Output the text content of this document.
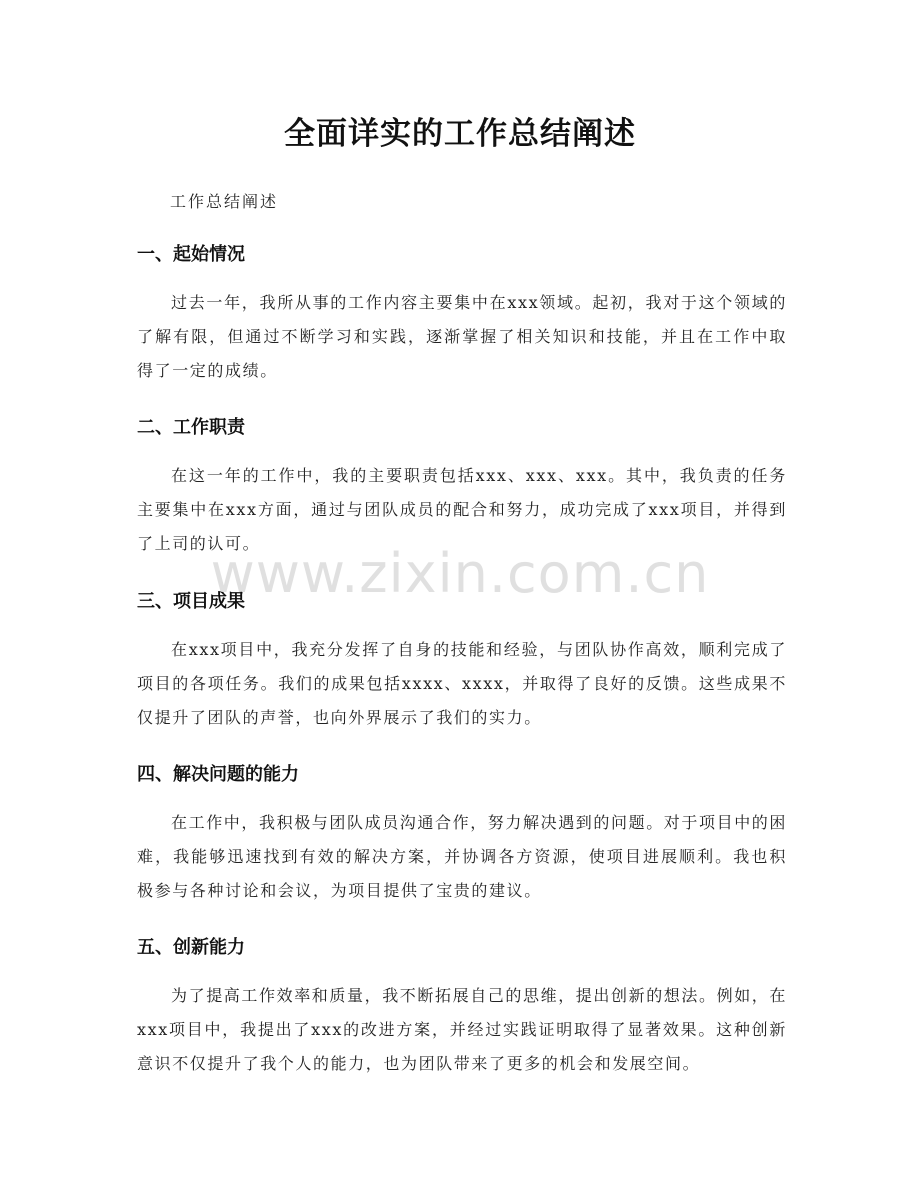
全面详实的工作总结阐述
工作总结阐述
一、起始情况
过去一年，我所从事的工作内容主要集中在xxx领域。起初，我对于这个领域的了解有限，但通过不断学习和实践，逐渐掌握了相关知识和技能，并且在工作中取得了一定的成绩。
二、工作职责
在这一年的工作中，我的主要职责包括xxx、xxx、xxx。其中，我负责的任务主要集中在xxx方面，通过与团队成员的配合和努力，成功完成了xxx项目，并得到了上司的认可。
三、项目成果
在xxx项目中，我充分发挥了自身的技能和经验，与团队协作高效，顺利完成了项目的各项任务。我们的成果包括xxxx、xxxx，并取得了良好的反馈。这些成果不仅提升了团队的声誉，也向外界展示了我们的实力。
四、解决问题的能力
在工作中，我积极与团队成员沟通合作，努力解决遇到的问题。对于项目中的困难，我能够迅速找到有效的解决方案，并协调各方资源，使项目进展顺利。我也积极参与各种讨论和会议，为项目提供了宝贵的建议。
五、创新能力
为了提高工作效率和质量，我不断拓展自己的思维，提出创新的想法。例如，在xxx项目中，我提出了xxx的改进方案，并经过实践证明取得了显著效果。这种创新意识不仅提升了我个人的能力，也为团队带来了更多的机会和发展空间。
www.zixin.com.cn
